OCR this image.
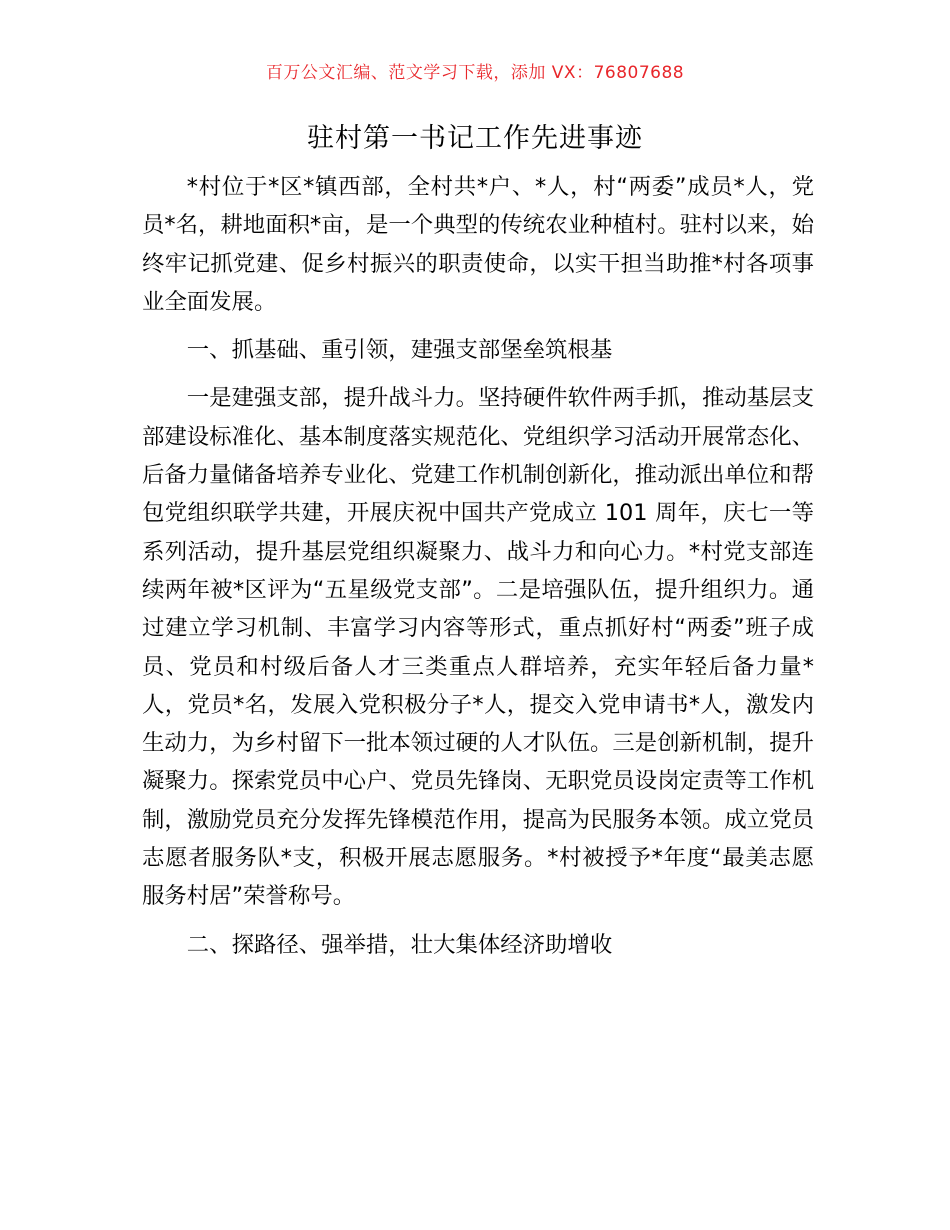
百万公文汇编、范文学习下载，添加 VX：76807688
驻村第一书记工作先进事迹

*村位于*区*镇西部，全村共*户、*人，村“两委”成员*人，党员*名，耕地面积*亩，是一个典型的传统农业种植村。驻村以来，始终牢记抓党建、促乡村振兴的职责使命，以实干担当助推*村各项事业全面发展。

一、抓基础、重引领，建强支部堡垒筑根基

一是建强支部，提升战斗力。坚持硬件软件两手抓，推动基层支部建设标准化、基本制度落实规范化、党组织学习活动开展常态化、后备力量储备培养专业化、党建工作机制创新化，推动派出单位和帮包党组织联学共建，开展庆祝中国共产党成立 101 周年，庆七一等系列活动，提升基层党组织凝聚力、战斗力和向心力。*村党支部连续两年被*区评为“五星级党支部”。二是培强队伍，提升组织力。通过建立学习机制、丰富学习内容等形式，重点抓好村“两委”班子成员、党员和村级后备人才三类重点人群培养，充实年轻后备力量*人，党员*名，发展入党积极分子*人，提交入党申请书*人，激发内生动力，为乡村留下一批本领过硬的人才队伍。三是创新机制，提升凝聚力。探索党员中心户、党员先锋岗、无职党员设岗定责等工作机制，激励党员充分发挥先锋模范作用，提高为民服务本领。成立党员志愿者服务队*支，积极开展志愿服务。*村被授予*年度“最美志愿服务村居”荣誉称号。

二、探路径、强举措，壮大集体经济助增收
